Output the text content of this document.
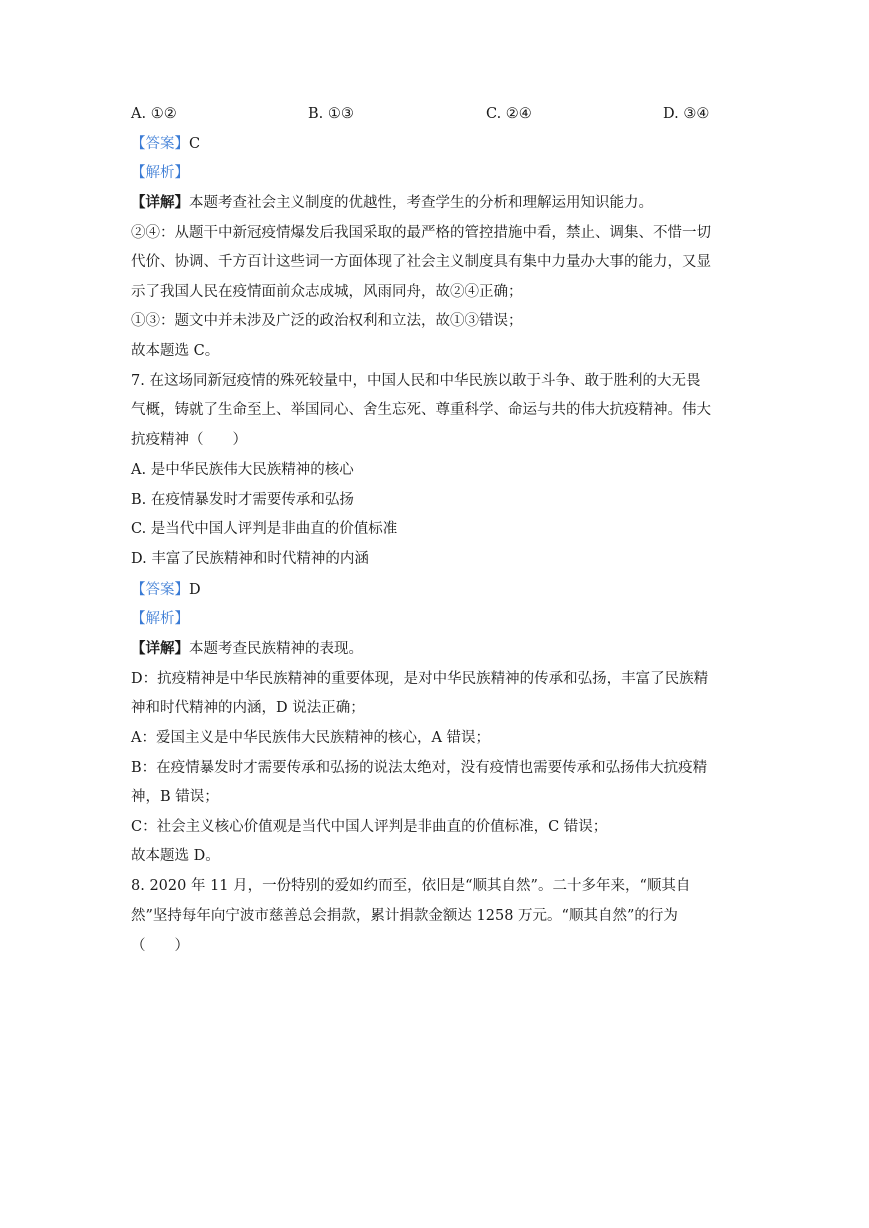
A. ①②	B. ①③	C. ②④	D. ③④
【答案】C
【解析】
【详解】本题考查社会主义制度的优越性，考查学生的分析和理解运用知识能力。
②④：从题干中新冠疫情爆发后我国采取的最严格的管控措施中看，禁止、调集、不惜一切
代价、协调、千方百计这些词一方面体现了社会主义制度具有集中力量办大事的能力，又显
示了我国人民在疫情面前众志成城，风雨同舟，故②④正确；
①③：题文中并未涉及广泛的政治权利和立法，故①③错误；
故本题选 C。
7. 在这场同新冠疫情的殊死较量中，中国人民和中华民族以敢于斗争、敢于胜利的大无畏
气概，铸就了生命至上、举国同心、舍生忘死、尊重科学、命运与共的伟大抗疫精神。伟大
抗疫精神（　　）
A. 是中华民族伟大民族精神的核心
B. 在疫情暴发时才需要传承和弘扬
C. 是当代中国人评判是非曲直的价值标准
D. 丰富了民族精神和时代精神的内涵
【答案】D
【解析】
【详解】本题考查民族精神的表现。
D：抗疫精神是中华民族精神的重要体现，是对中华民族精神的传承和弘扬，丰富了民族精
神和时代精神的内涵，D 说法正确；
A：爱国主义是中华民族伟大民族精神的核心，A 错误；
B：在疫情暴发时才需要传承和弘扬的说法太绝对，没有疫情也需要传承和弘扬伟大抗疫精
神，B 错误；
C：社会主义核心价值观是当代中国人评判是非曲直的价值标准，C 错误；
故本题选 D。
8. 2020 年 11 月，一份特别的爱如约而至，依旧是“顺其自然”。二十多年来，“顺其自
然”坚持每年向宁波市慈善总会捐款，累计捐款金额达 1258 万元。“顺其自然”的行为
（　　）
